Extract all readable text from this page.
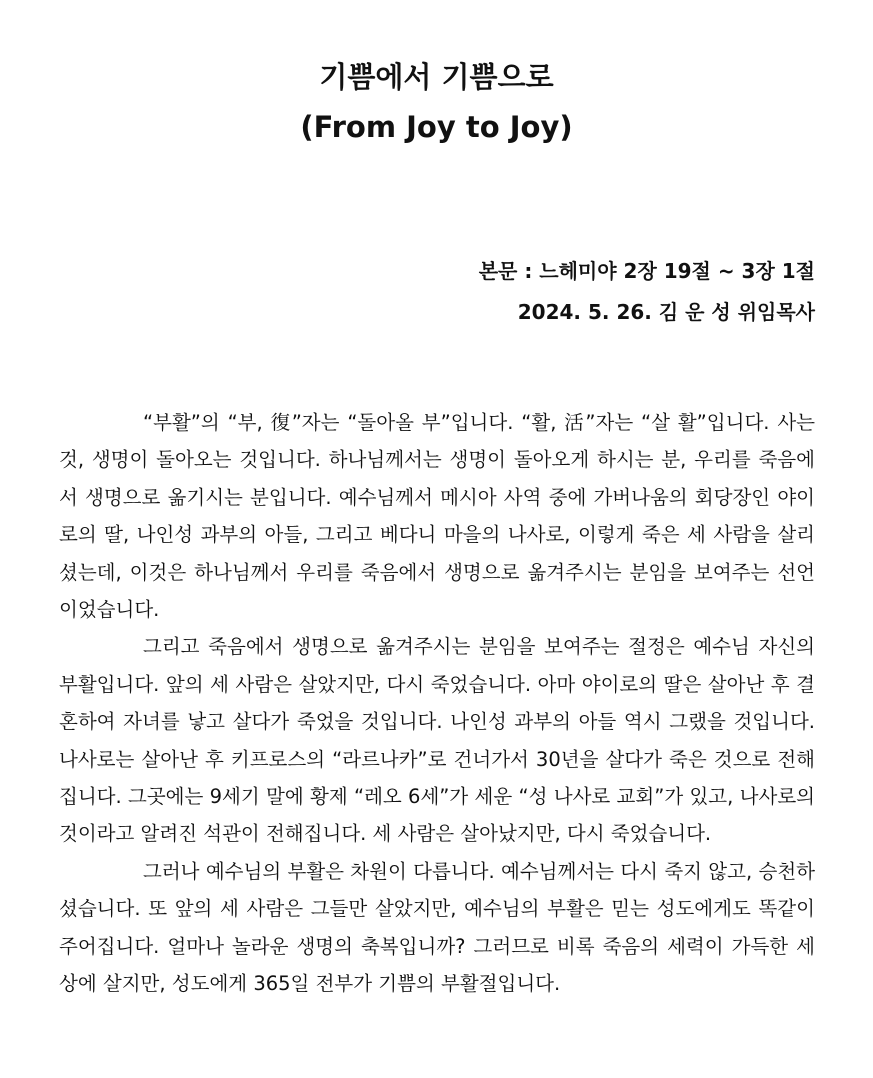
기쁨에서 기쁨으로
(From Joy to Joy)
본문 : 느헤미야 2장 19절 ~ 3장 1절
2024. 5. 26. 김 운 성 위임목사

“부활”의 “부, 復”자는 “돌아올 부”입니다. “활, 活”자는 “살 활”입니다. 사는 것, 생명이 돌아오는 것입니다. 하나님께서는 생명이 돌아오게 하시는 분, 우리를 죽음에서 생명으로 옮기시는 분입니다. 예수님께서 메시아 사역 중에 가버나움의 회당장인 야이로의 딸, 나인성 과부의 아들, 그리고 베다니 마을의 나사로, 이렇게 죽은 세 사람을 살리셨는데, 이것은 하나님께서 우리를 죽음에서 생명으로 옮겨주시는 분임을 보여주는 선언이었습니다.

그리고 죽음에서 생명으로 옮겨주시는 분임을 보여주는 절정은 예수님 자신의 부활입니다. 앞의 세 사람은 살았지만, 다시 죽었습니다. 아마 야이로의 딸은 살아난 후 결혼하여 자녀를 낳고 살다가 죽었을 것입니다. 나인성 과부의 아들 역시 그랬을 것입니다. 나사로는 살아난 후 키프로스의 “라르나카”로 건너가서 30년을 살다가 죽은 것으로 전해집니다. 그곳에는 9세기 말에 황제 “레오 6세”가 세운 “성 나사로 교회”가 있고, 나사로의 것이라고 알려진 석관이 전해집니다. 세 사람은 살아났지만, 다시 죽었습니다.

그러나 예수님의 부활은 차원이 다릅니다. 예수님께서는 다시 죽지 않고, 승천하셨습니다. 또 앞의 세 사람은 그들만 살았지만, 예수님의 부활은 믿는 성도에게도 똑같이 주어집니다. 얼마나 놀라운 생명의 축복입니까? 그러므로 비록 죽음의 세력이 가득한 세상에 살지만, 성도에게 365일 전부가 기쁨의 부활절입니다.
